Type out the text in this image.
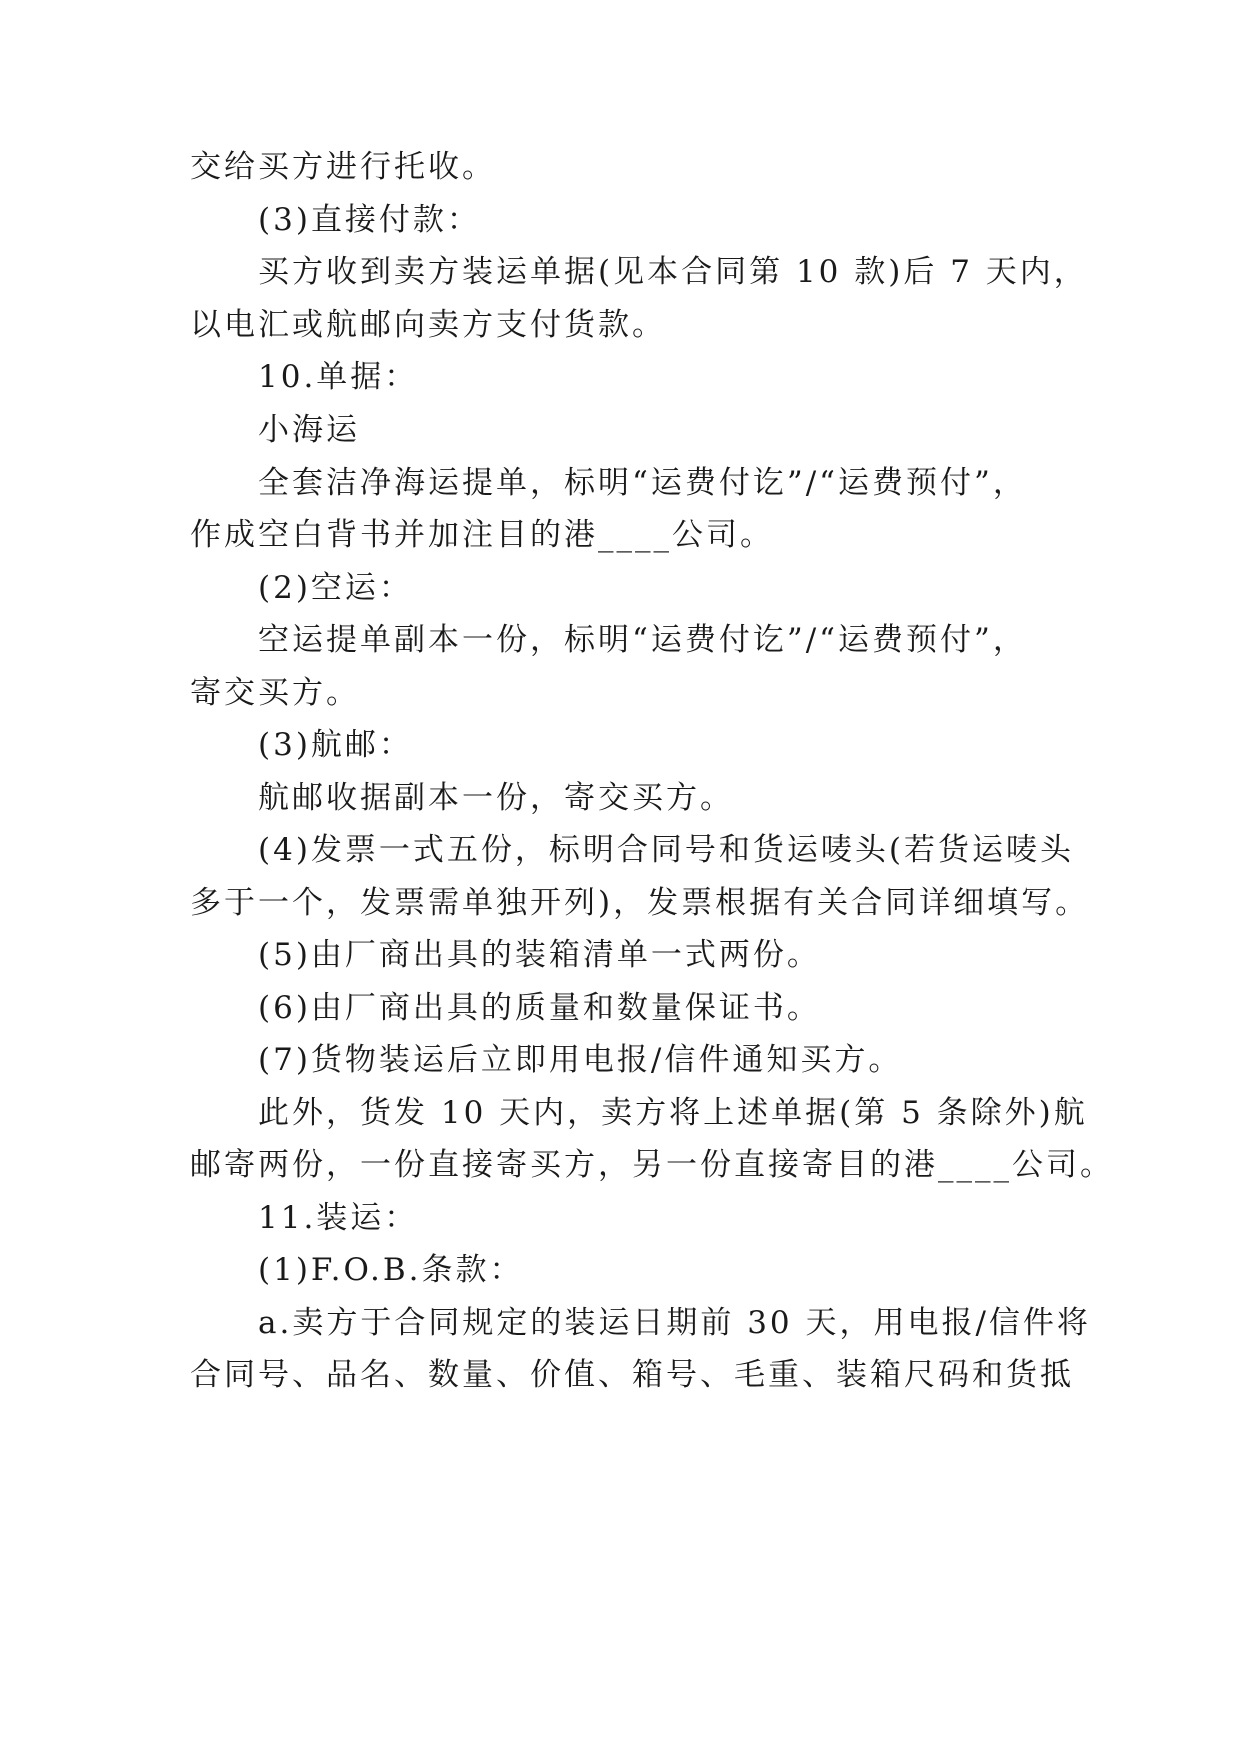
交给买方进行托收。

(3)直接付款：

买方收到卖方装运单据(见本合同第 10 款)后 7 天内，

以电汇或航邮向卖方支付货款。

10.单据：

小海运

全套洁净海运提单，标明“运费付讫”/“运费预付”，

作成空白背书并加注目的港____公司。

(2)空运：

空运提单副本一份，标明“运费付讫”/“运费预付”，

寄交买方。

(3)航邮：

航邮收据副本一份，寄交买方。

(4)发票一式五份，标明合同号和货运唛头(若货运唛头

多于一个，发票需单独开列)，发票根据有关合同详细填写。

(5)由厂商出具的装箱清单一式两份。

(6)由厂商出具的质量和数量保证书。

(7)货物装运后立即用电报/信件通知买方。

此外，货发 10 天内，卖方将上述单据(第 5 条除外)航

邮寄两份，一份直接寄买方，另一份直接寄目的港____公司。

11.装运：

(1)F.O.B.条款：

a.卖方于合同规定的装运日期前 30 天，用电报/信件将

合同号、品名、数量、价值、箱号、毛重、装箱尺码和货抵
